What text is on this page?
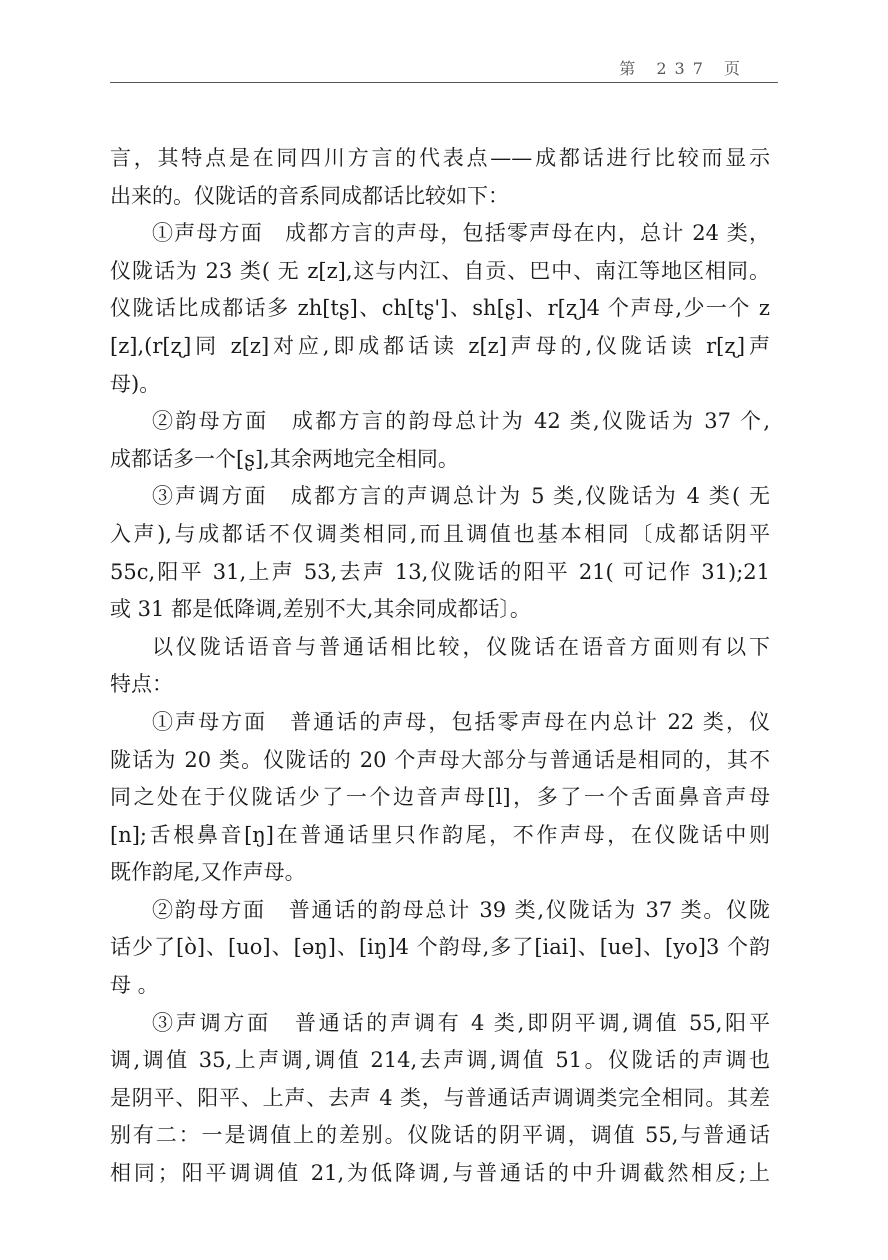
第 237 页
言，其特点是在同四川方言的代表点——成都话进行比较而显示
出来的。仪陇话的音系同成都话比较如下：
①声母方面　成都方言的声母，包括零声母在内，总计 24 类，
仪陇话为 23 类( 无 z[z],这与内江、自贡、巴中、南江等地区相同。
仪陇话比成都话多 zh[tʂ]、ch[tʂ']、sh[ʂ]、r[ʐ]4 个声母,少一个 z
[z],(r[ʐ]同 z[z]对应,即成都话读 z[z]声母的,仪陇话读 r[ʐ]声
母)。
②韵母方面　成都方言的韵母总计为 42 类,仪陇话为 37 个,
成都话多一个[ʂ],其余两地完全相同。
③声调方面　成都方言的声调总计为 5 类,仪陇话为 4 类( 无
入声),与成都话不仅调类相同,而且调值也基本相同〔成都话阴平
55c,阳平 31,上声 53,去声 13,仪陇话的阳平 21( 可记作 31);21
或 31 都是低降调,差别不大,其余同成都话〕。
以仪陇话语音与普通话相比较，仪陇话在语音方面则有以下
特点：
①声母方面　普通话的声母，包括零声母在内总计 22 类，仪
陇话为 20 类。仪陇话的 20 个声母大部分与普通话是相同的，其不
同之处在于仪陇话少了一个边音声母[l]，多了一个舌面鼻音声母
[n];舌根鼻音[ŋ]在普通话里只作韵尾，不作声母，在仪陇话中则
既作韵尾,又作声母。
②韵母方面　普通话的韵母总计 39 类,仪陇话为 37 类。仪陇
话少了[ò]、[uo]、[əŋ]、[iŋ]4 个韵母,多了[iai]、[ue]、[yo]3 个韵
母 。
③声调方面　普通话的声调有 4 类,即阴平调,调值 55,阳平
调,调值 35,上声调,调值 214,去声调,调值 51。仪陇话的声调也
是阴平、阳平、上声、去声 4 类，与普通话声调调类完全相同。其差
别有二：一是调值上的差别。仪陇话的阴平调，调值 55,与普通话
相同；阳平调调值 21,为低降调,与普通话的中升调截然相反;上
